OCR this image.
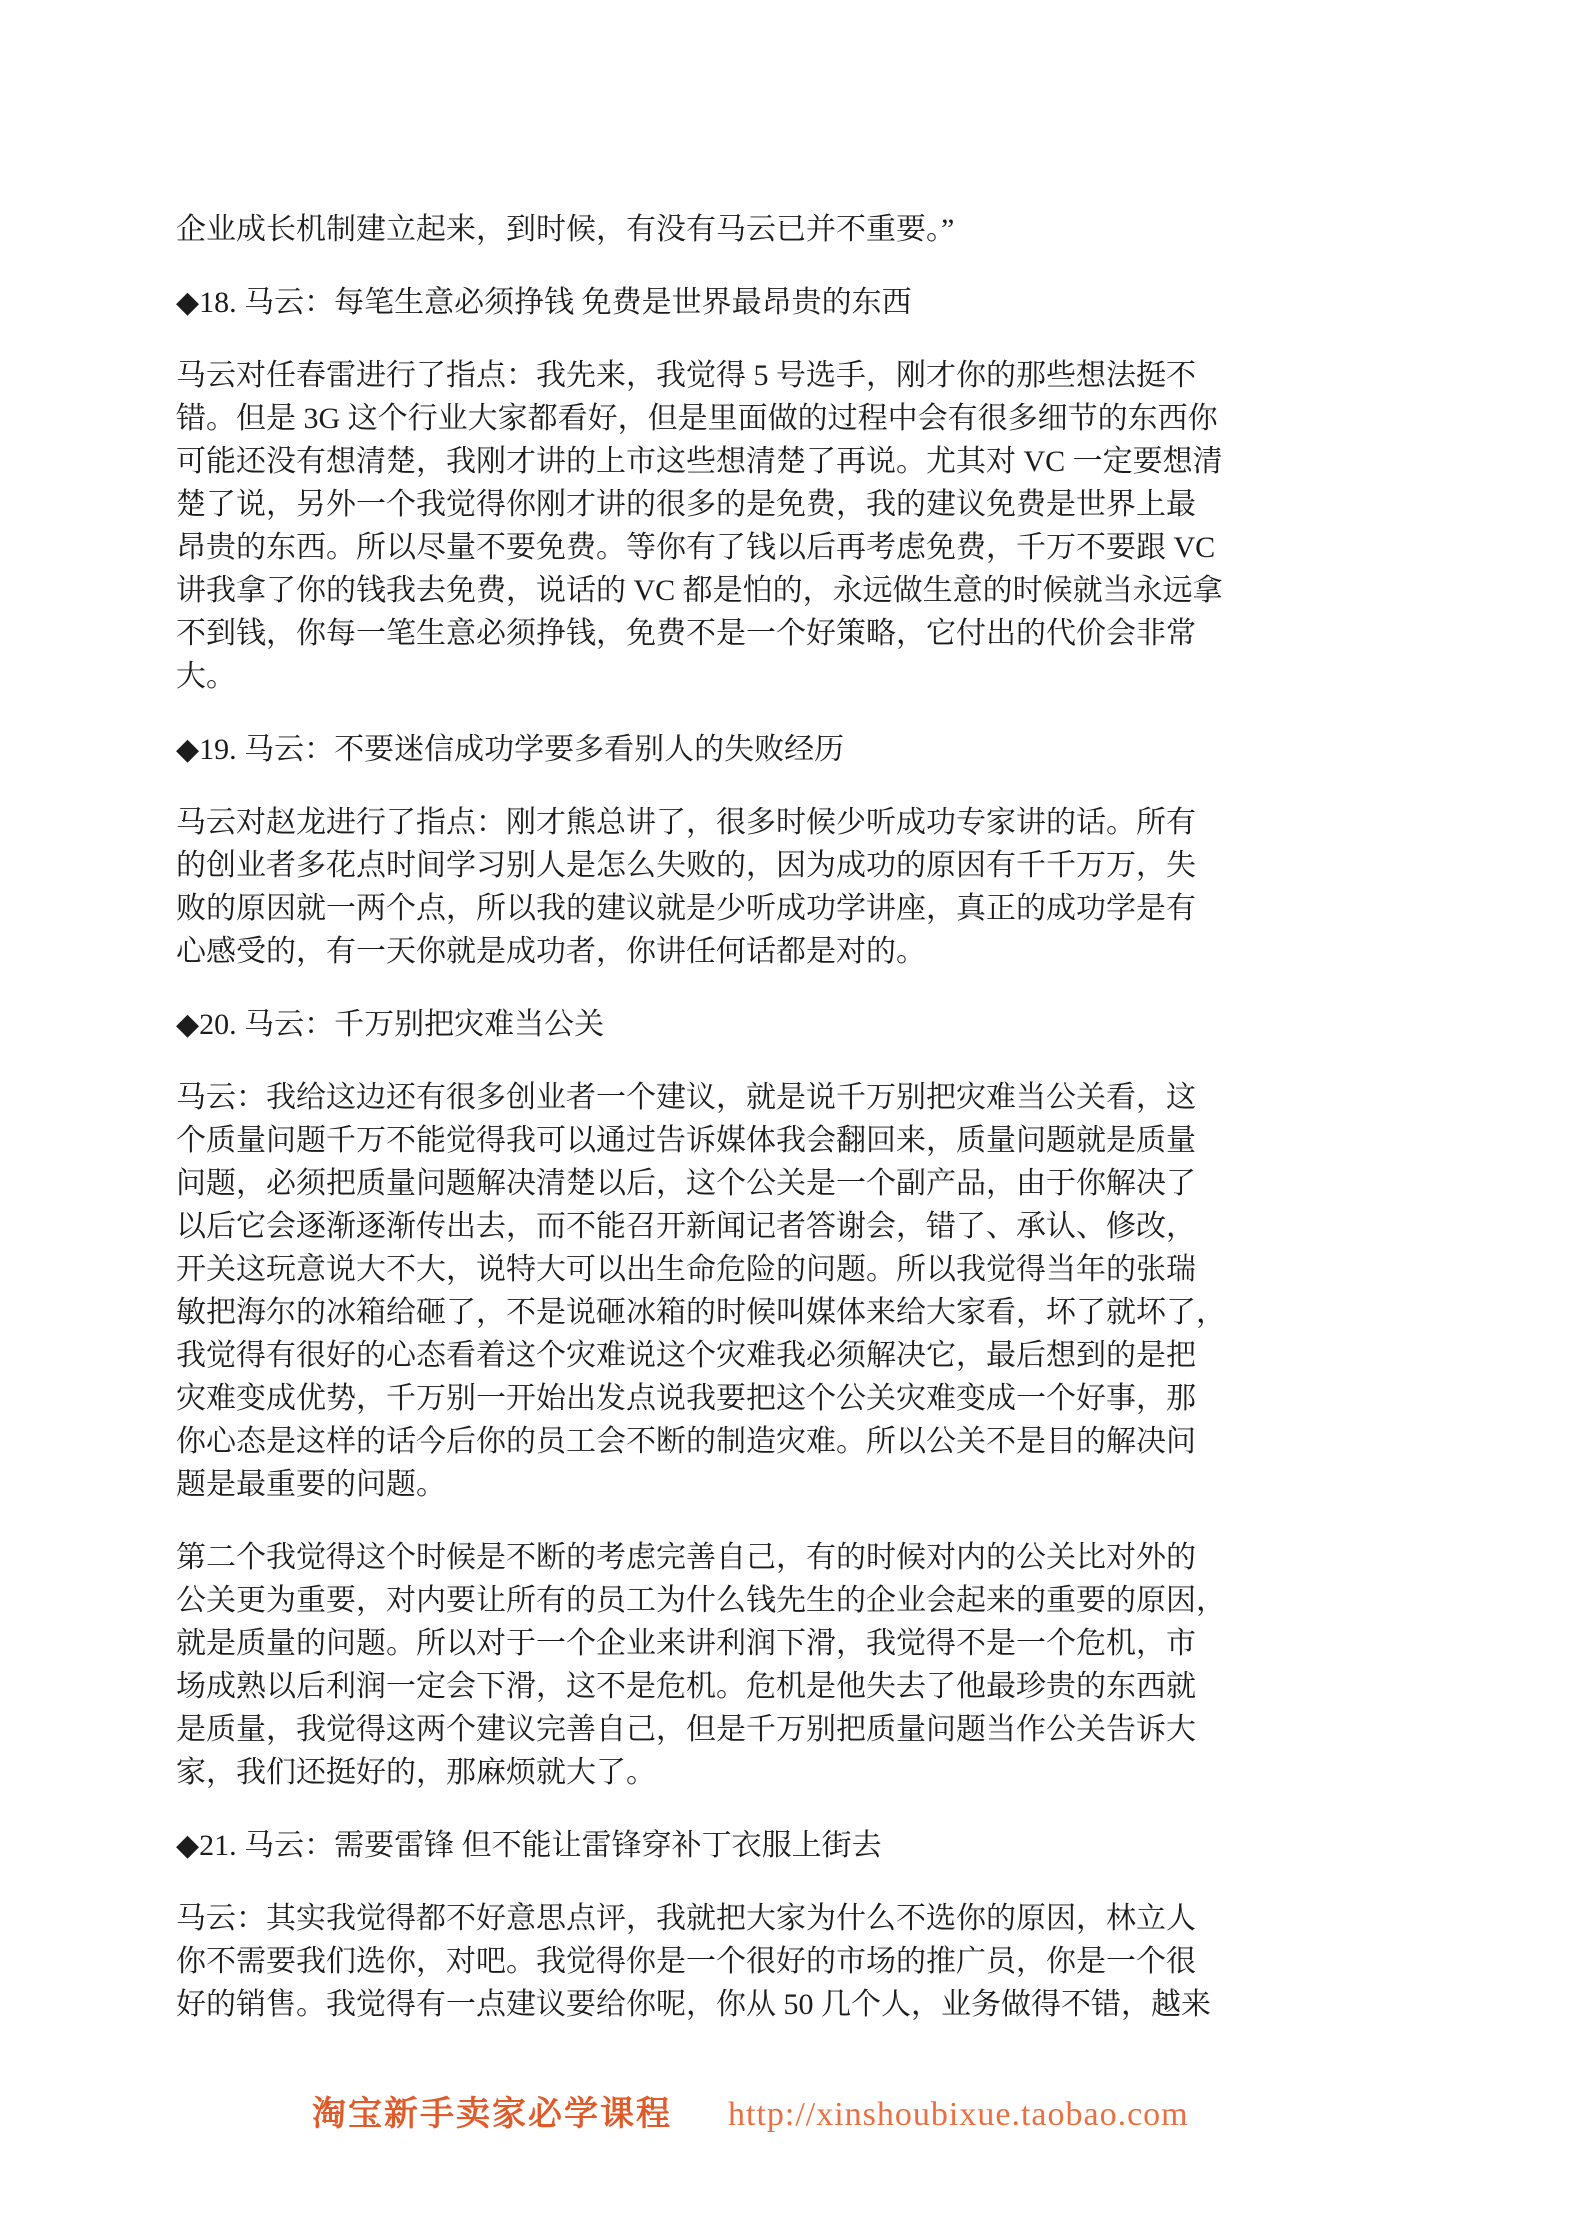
企业成长机制建立起来，到时候，有没有马云已并不重要。”

◆18. 马云：每笔生意必须挣钱 免费是世界最昂贵的东西

马云对任春雷进行了指点：我先来，我觉得 5 号选手，刚才你的那些想法挺不
错。但是 3G 这个行业大家都看好，但是里面做的过程中会有很多细节的东西你
可能还没有想清楚，我刚才讲的上市这些想清楚了再说。尤其对 VC 一定要想清
楚了说，另外一个我觉得你刚才讲的很多的是免费，我的建议免费是世界上最
昂贵的东西。所以尽量不要免费。等你有了钱以后再考虑免费，千万不要跟 VC
讲我拿了你的钱我去免费，说话的 VC 都是怕的，永远做生意的时候就当永远拿
不到钱，你每一笔生意必须挣钱，免费不是一个好策略，它付出的代价会非常
大。

◆19. 马云：不要迷信成功学要多看别人的失败经历

马云对赵龙进行了指点：刚才熊总讲了，很多时候少听成功专家讲的话。所有
的创业者多花点时间学习别人是怎么失败的，因为成功的原因有千千万万，失
败的原因就一两个点，所以我的建议就是少听成功学讲座，真正的成功学是有
心感受的，有一天你就是成功者，你讲任何话都是对的。

◆20. 马云：千万别把灾难当公关

马云：我给这边还有很多创业者一个建议，就是说千万别把灾难当公关看，这
个质量问题千万不能觉得我可以通过告诉媒体我会翻回来，质量问题就是质量
问题，必须把质量问题解决清楚以后，这个公关是一个副产品，由于你解决了
以后它会逐渐逐渐传出去，而不能召开新闻记者答谢会，错了、承认、修改，
开关这玩意说大不大，说特大可以出生命危险的问题。所以我觉得当年的张瑞
敏把海尔的冰箱给砸了，不是说砸冰箱的时候叫媒体来给大家看，坏了就坏了，
我觉得有很好的心态看着这个灾难说这个灾难我必须解决它，最后想到的是把
灾难变成优势，千万别一开始出发点说我要把这个公关灾难变成一个好事，那
你心态是这样的话今后你的员工会不断的制造灾难。所以公关不是目的解决问
题是最重要的问题。

第二个我觉得这个时候是不断的考虑完善自己，有的时候对内的公关比对外的
公关更为重要，对内要让所有的员工为什么钱先生的企业会起来的重要的原因，
就是质量的问题。所以对于一个企业来讲利润下滑，我觉得不是一个危机，市
场成熟以后利润一定会下滑，这不是危机。危机是他失去了他最珍贵的东西就
是质量，我觉得这两个建议完善自己，但是千万别把质量问题当作公关告诉大
家，我们还挺好的，那麻烦就大了。

◆21. 马云：需要雷锋 但不能让雷锋穿补丁衣服上街去

马云：其实我觉得都不好意思点评，我就把大家为什么不选你的原因，林立人
你不需要我们选你，对吧。我觉得你是一个很好的市场的推广员，你是一个很
好的销售。我觉得有一点建议要给你呢，你从 50 几个人，业务做得不错，越来

淘宝新手卖家必学课程 http://xinshoubixue.taobao.com
